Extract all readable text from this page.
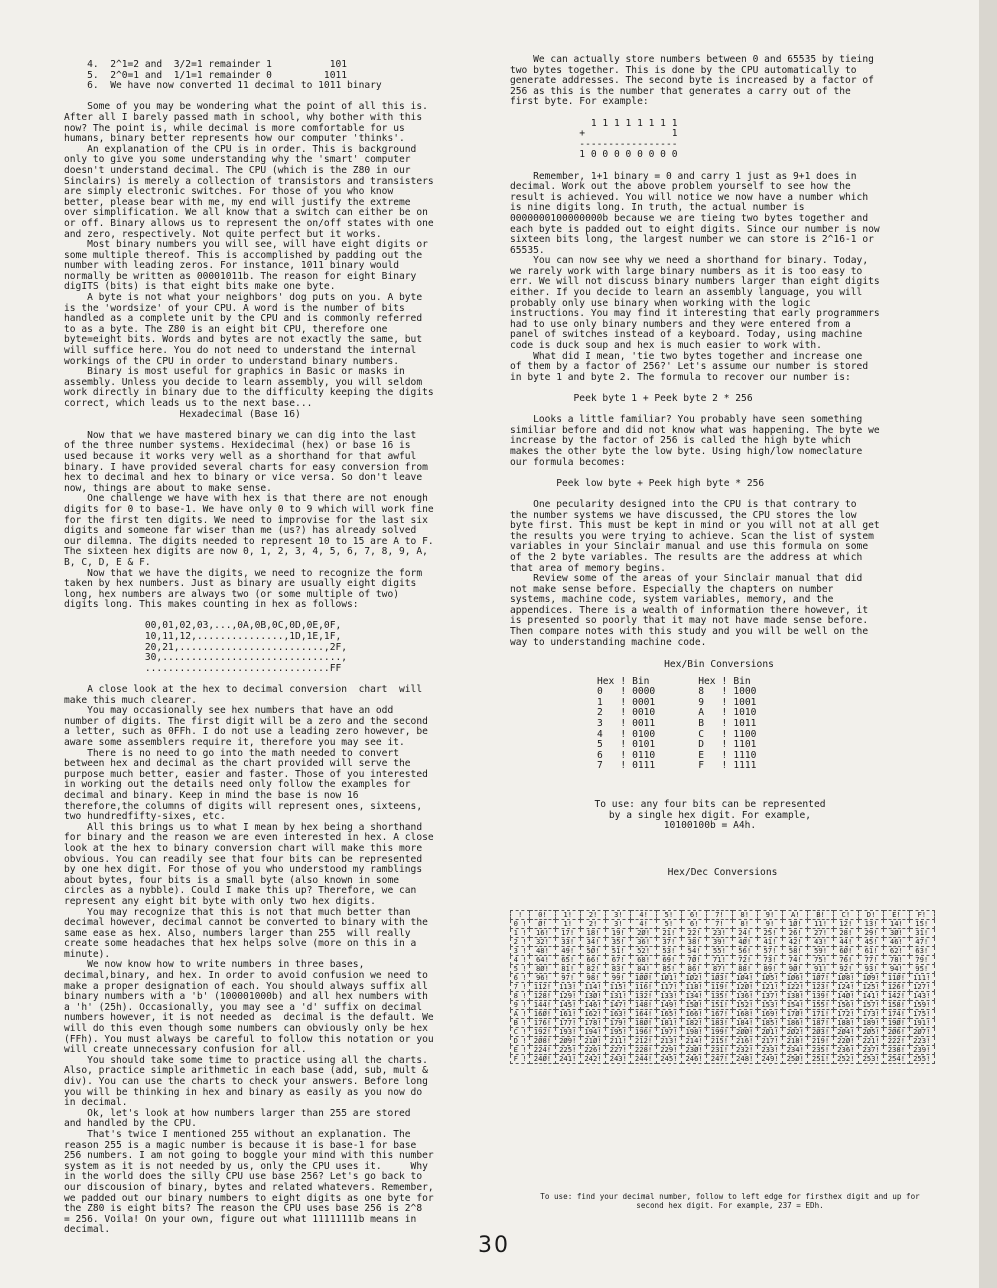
4.  2^1=2 and  3/2=1 remainder 1          101
5.  2^0=1 and  1/1=1 remainder 0         1011
6.  We have now converted 11 decimal to 1011 binary
Some of you may be wondering what the point of all this is.
After all I barely passed math in school, why bother with this
now? The point is, while decimal is more comfortable for us
humans, binary better represents how our computer 'thinks'.
An explanation of the CPU is in order. This is background
only to give you some understanding why the 'smart' computer
doesn't understand decimal. The CPU (which is the Z80 in our
Sinclairs) is merely a collection of transistors and transisters
are simply electronic switches. For those of you who know
better, please bear with me, my end will justify the extreme
over simplification. We all know that a switch can either be on
or off. Binary allows us to represent the on/off states with one
and zero, respectively. Not quite perfect but it works.
Most binary numbers you will see, will have eight digits or
some multiple thereof. This is accomplished by padding out the
number with leading zeros. For instance, 1011 binary would
normally be written as 00001011b. The reason for eight Binary
digITS (bits) is that eight bits make one byte.
A byte is not what your neighbors' dog puts on you. A byte
is the 'wordsize' of your CPU. A word is the number of bits
handled as a complete unit by the CPU and is commonly referred
to as a byte. The Z80 is an eight bit CPU, therefore one
byte=eight bits. Words and bytes are not exactly the same, but
will suffice here. You do not need to understand the internal
workings of the CPU in order to understand binary numbers.
Binary is most useful for graphics in Basic or masks in
assembly. Unless you decide to learn assembly, you will seldom
work directly in binary due to the difficulty keeping the digits
correct, which leads us to the next base...
Hexadecimal (Base 16)
Now that we have mastered binary we can dig into the last
of the three number systems. Hexidecimal (hex) or base 16 is
used because it works very well as a shorthand for that awful
binary. I have provided several charts for easy conversion from
hex to decimal and hex to binary or vice versa. So don't leave
now, things are about to make sense.
One challenge we have with hex is that there are not enough
digits for 0 to base-1. We have only 0 to 9 which will work fine
for the first ten digits. We need to improvise for the last six
digits and someone far wiser than me (us?) has already solved
our dilemna. The digits needed to represent 10 to 15 are A to F.
The sixteen hex digits are now 0, 1, 2, 3, 4, 5, 6, 7, 8, 9, A,
B, C, D, E & F.
Now that we have the digits, we need to recognize the form
taken by hex numbers. Just as binary are usually eight digits
long, hex numbers are always two (or some multiple of two)
digits long. This makes counting in hex as follows:
00,01,02,03,...,0A,0B,0C,0D,0E,0F,
10,11,12,...............,1D,1E,1F,
20,21,.........................,2F,
30,...............................,
................................FF
A close look at the hex to decimal conversion  chart  will
make this much clearer.
You may occasionally see hex numbers that have an odd
number of digits. The first digit will be a zero and the second
a letter, such as 0FFh. I do not use a leading zero however, be
aware some assemblers require it, therefore you may see it.
There is no need to go into the math needed to convert
between hex and decimal as the chart provided will serve the
purpose much better, easier and faster. Those of you interested
in working out the details need only follow the examples for
decimal and binary. Keep in mind the base is now 16
therefore,the columns of digits will represent ones, sixteens,
two hundredfifty-sixes, etc.
All this brings us to what I mean by hex being a shorthand
for binary and the reason we are even interested in hex. A close
look at the hex to binary conversion chart will make this more
obvious. You can readily see that four bits can be represented
by one hex digit. For those of you who understood my ramblings
about bytes, four bits is a small byte (also known in some
circles as a nybble). Could I make this up? Therefore, we can
represent any eight bit byte with only two hex digits.
You may recognize that this is not that much better than
decimal however, decimal cannot be converted to binary with the
same ease as hex. Also, numbers larger than 255  will really
create some headaches that hex helps solve (more on this in a
minute).
We now know how to write numbers in three bases,
decimal,binary, and hex. In order to avoid confusion we need to
make a proper designation of each. You should always suffix all
binary numbers with a 'b' (100001000b) and all hex numbers with
a 'h' (25h). Occasionally, you may see a 'd' suffix on decimal
numbers however, it is not needed as  decimal is the default. We
will do this even though some numbers can obviously only be hex
(FFh). You must always be careful to follow this notation or you
will create unnecessary confusion for all.
You should take some time to practice using all the charts.
Also, practice simple arithmetic in each base (add, sub, mult &
div). You can use the charts to check your answers. Before long
you will be thinking in hex and binary as easily as you now do
in decimal.
Ok, let's look at how numbers larger than 255 are stored
and handled by the CPU.
That's twice I mentioned 255 without an explanation. The
reason 255 is a magic number is because it is base-1 for base
256 numbers. I am not going to boggle your mind with this number
system as it is not needed by us, only the CPU uses it.     Why
in the world does the silly CPU use base 256? Let's go back to
our discousion of binary, bytes and related whatevers. Remember,
we padded out our binary numbers to eight digits as one byte for
the Z80 is eight bits? The reason the CPU uses base 256 is 2^8
= 256. Voila! On your own, figure out what 11111111b means in
decimal.
We can actually store numbers between 0 and 65535 by tieing
two bytes together. This is done by the CPU automatically to
generate addresses. The second byte is increased by a factor of
256 as this is the number that generates a carry out of the
first byte. For example:
1 1 1 1 1 1 1 1
+               1
-----------------
1 0 0 0 0 0 0 0 0
Remember, 1+1 binary = 0 and carry 1 just as 9+1 does in
decimal. Work out the above problem yourself to see how the
result is achieved. You will notice we now have a number which
is nine digits long. In truth, the actual number is
0000000100000000b because we are tieing two bytes together and
each byte is padded out to eight digits. Since our number is now
sixteen bits long, the largest number we can store is 2^16-1 or
65535.
You can now see why we need a shorthand for binary. Today,
we rarely work with large binary numbers as it is too easy to
err. We will not discuss binary numbers larger than eight digits
either. If you decide to learn an assembly language, you will
probably only use binary when working with the logic
instructions. You may find it interesting that early programmers
had to use only binary numbers and they were entered from a
panel of switches instead of a keyboard. Today, using machine
code is duck soup and hex is much easier to work with.
What did I mean, 'tie two bytes together and increase one
of them by a factor of 256?' Let's assume our number is stored
in byte 1 and byte 2. The formula to recover our number is:
Peek byte 1 + Peek byte 2 * 256
Looks a little familiar? You probably have seen something
similiar before and did not know what was happening. The byte we
increase by the factor of 256 is called the high byte which
makes the other byte the low byte. Using high/low nomeclature
our formula becomes:
Peek low byte + Peek high byte * 256
One pecularity designed into the CPU is that contrary to
the number systems we have discussed, the CPU stores the low
byte first. This must be kept in mind or you will not at all get
the results you were trying to achieve. Scan the list of system
variables in your Sinclair manual and use this formula on some
of the 2 byte variables. The results are the address at which
that area of memory begins.
Review some of the areas of your Sinclair manual that did
not make sense before. Especially the chapters on number
systems, machine code, system variables, memory, and the
appendices. There is a wealth of information there however, it
is presented so poorly that it may not have made sense before.
Then compare notes with this study and you will be well on the
way to understanding machine code.
Hex/Bin Conversions
Hex	!	Bin	Hex	!	Bin
0	!	0000	8	!	1000
1	!	0001	9	!	1001
2	!	0010	A	!	1010
3	!	0011	B	!	1011
4	!	0100	C	!	1100
5	!	0101	D	!	1101
6	!	0110	E	!	1110
7	!	0111	F	!	1111
To use: any four bits can be represented
by a single hex digit. For example,
10100100b = A4h.
Hex/Dec Conversions
!	0!	1!	2!	3!	4!	5!	6!	7!	8!	9!	A!	B!	C!	D!	E!	F!
0 !	Ø!	1!	2!	3!	4!	5!	6!	7!	8!	9!	1Ø!	11!	12!	13!	14!	15!
1 !	16!	17!	18!	19!	2Ø!	21!	22!	23!	24!	25!	26!	27!	28!	29!	3Ø!	31!
2 !	32!	33!	34!	35!	36!	37!	38!	39!	4Ø!	41!	42!	43!	44!	45!	46!	47!
3 !	48!	49!	5Ø!	51!	52!	53!	54!	55!	56!	57!	58!	59!	6Ø!	61!	62!	63!
4 !	64!	65!	66!	67!	68!	69!	7Ø!	71!	72!	73!	74!	75!	76!	77!	78!	79!
5 !	8Ø!	81!	82!	83!	84!	85!	86!	87!	88!	89!	9Ø!	91!	92!	93!	94!	95!
6 !	96!	97!	98!	99!	1ØØ!	1Ø1!	1Ø2!	1Ø3!	1Ø4!	1Ø5!	1Ø6!	1Ø7!	1Ø8!	1Ø9!	11Ø!	111!
7 !	112!	113!	114!	115!	116!	117!	118!	119!	12Ø!	121!	122!	123!	124!	125!	126!	127!
8 !	128!	129!	13Ø!	131!	132!	133!	134!	135!	136!	137!	138!	139!	14Ø!	141!	142!	143!
9 !	144!	145!	146!	147!	148!	149!	15Ø!	151!	152!	153!	154!	155!	156!	157!	158!	159!
A !	16Ø!	161!	162!	163!	164!	165!	166!	167!	168!	169!	17Ø!	171!	172!	173!	174!	175!
B !	176!	177!	178!	179!	18Ø!	181!	182!	183!	184!	185!	186!	187!	188!	189!	19Ø!	191!
C !	192!	193!	194!	195!	196!	197!	198!	199!	2ØØ!	2Ø1!	2Ø2!	2Ø3!	2Ø4!	2Ø5!	2Ø6!	2Ø7!
D !	2Ø8!	2Ø9!	21Ø!	211!	212!	213!	214!	215!	216!	217!	218!	219!	22Ø!	221!	222!	223!
E !	224!	225!	226!	227!	228!	229!	23Ø!	231!	232!	233!	234!	235!	236!	237!	238!	239!
F !	24Ø!	241!	242!	243!	244!	245!	246!	247!	248!	249!	25Ø!	251!	252!	253!	254!	255!
To use: find your decimal number, follow to left edge for firsthex digit and up for second hex digit. For example, 237 = EDh.
30
